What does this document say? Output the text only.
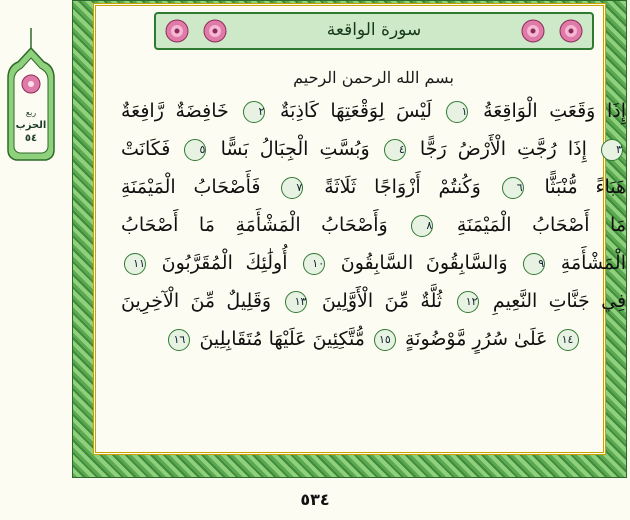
ربع
الحزب
٥٤
سورة الواقعة
بسم الله الرحمن الرحيم
إِذَا وَقَعَتِ الْوَاقِعَةُ ١ لَيْسَ لِوَقْعَتِهَا كَاذِبَةٌ ٢ خَافِضَةٌ رَّافِعَةٌ
٣ إِذَا رُجَّتِ الْأَرْضُ رَجًّا ٤ وَبُسَّتِ الْجِبَالُ بَسًّا ٥ فَكَانَتْ
هَبَاءً مُّنْبَثًّا ٦ وَكُنتُمْ أَزْوَاجًا ثَلَاثَةً ٧ فَأَصْحَابُ الْمَيْمَنَةِ
مَا أَصْحَابُ الْمَيْمَنَةِ ٨ وَأَصْحَابُ الْمَشْأَمَةِ مَا أَصْحَابُ
الْمَشْأَمَةِ ٩ وَالسَّابِقُونَ السَّابِقُونَ ١٠ أُولَٰئِكَ الْمُقَرَّبُونَ ١١
فِي جَنَّاتِ النَّعِيمِ ١٢ ثُلَّةٌ مِّنَ الْأَوَّلِينَ ١٣ وَقَلِيلٌ مِّنَ الْآخِرِينَ
١٤ عَلَىٰ سُرُرٍ مَّوْضُونَةٍ ١٥ مُّتَّكِئِينَ عَلَيْهَا مُتَقَابِلِينَ ١٦
٥٣٤
